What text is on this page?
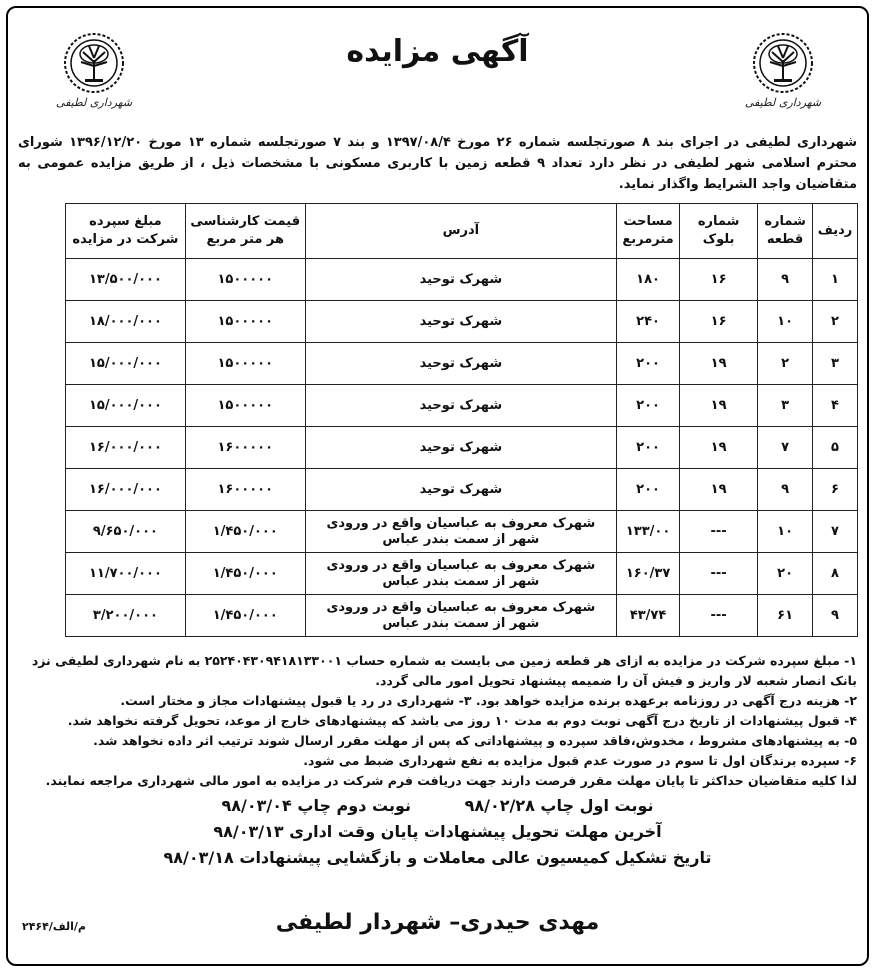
شهرداری لطیفی
آگهی مزایده
شهرداری لطیفی
شهرداری لطیفی در اجرای بند ۸ صورتجلسه شماره ۲۶ مورخ ۱۳۹۷/۰۸/۴ و بند ۷ صورتجلسه شماره ۱۳ مورخ ۱۳۹۶/۱۲/۲۰ شورای محترم اسلامی شهر لطیفی در نظر دارد تعداد ۹ قطعه زمین با کاربری مسکونی با مشخصات ذیل ، از طریق مزایده عمومی به متقاضیان واجد الشرایط واگذار نماید.
ردیف	شماره قطعه	شماره بلوک	مساحت مترمربع	آدرس	قیمت کارشناسی هر متر مربع	مبلغ سپرده شرکت در مزایده
۱	۹	۱۶	۱۸۰	شهرک توحید	۱۵۰۰۰۰۰	۱۳/۵۰۰/۰۰۰
۲	۱۰	۱۶	۲۴۰	شهرک توحید	۱۵۰۰۰۰۰	۱۸/۰۰۰/۰۰۰
۳	۲	۱۹	۲۰۰	شهرک توحید	۱۵۰۰۰۰۰	۱۵/۰۰۰/۰۰۰
۴	۳	۱۹	۲۰۰	شهرک توحید	۱۵۰۰۰۰۰	۱۵/۰۰۰/۰۰۰
۵	۷	۱۹	۲۰۰	شهرک توحید	۱۶۰۰۰۰۰	۱۶/۰۰۰/۰۰۰
۶	۹	۱۹	۲۰۰	شهرک توحید	۱۶۰۰۰۰۰	۱۶/۰۰۰/۰۰۰
۷	۱۰	---	۱۳۳/۰۰	شهرک معروف به عباسیان واقع در ورودی شهر از سمت بندر عباس	۱/۴۵۰/۰۰۰	۹/۶۵۰/۰۰۰
۸	۲۰	---	۱۶۰/۳۷	شهرک معروف به عباسیان واقع در ورودی شهر از سمت بندر عباس	۱/۴۵۰/۰۰۰	۱۱/۷۰۰/۰۰۰
۹	۶۱	---	۴۳/۷۴	شهرک معروف به عباسیان واقع در ورودی شهر از سمت بندر عباس	۱/۴۵۰/۰۰۰	۳/۲۰۰/۰۰۰

۱- مبلغ سپرده شرکت در مزایده به ازای هر قطعه زمین می بایست به شماره حساب ۲۵۲۴۰۴۳۰۹۴۱۸۱۳۳۰۰۱ به نام شهرداری لطیفی نزد بانک انصار شعبه لار واریز و فیش آن را ضمیمه پیشنهاد تحویل امور مالی گردد.

۲- هزینه درج آگهی در روزنامه برعهده برنده مزایده خواهد بود. ۳- شهرداری در رد یا قبول پیشنهادات مجاز و مختار است.

۴- قبول پیشنهادات از تاریخ درج آگهی نوبت دوم به مدت ۱۰ روز می باشد که پیشنهادهای خارج از موعد، تحویل گرفته نخواهد شد.

۵- به پیشنهادهای مشروط ، مخدوش،فاقد سپرده و پیشنهاداتی که پس از مهلت مقرر ارسال شوند ترتیب اثر داده نخواهد شد.

۶- سپرده برندگان اول تا سوم در صورت عدم قبول مزایده به نفع شهرداری ضبط می شود.

لذا کلیه متقاضیان حداکثر تا پایان مهلت مقرر فرصت دارند جهت دریافت فرم شرکت در مزایده به امور مالی شهرداری مراجعه نمایند.

نوبت اول چاپ ۹۸/۰۲/۲۸ نوبت دوم چاپ ۹۸/۰۳/۰۴
آخرین مهلت تحویل پیشنهادات پایان وقت اداری ۹۸/۰۳/۱۳
تاریخ تشکیل کمیسیون عالی معاملات و بازگشایی پیشنهادات ۹۸/۰۳/۱۸
مهدی حیدری– شهردار لطیفی
م/الف/۲۴۶۴
